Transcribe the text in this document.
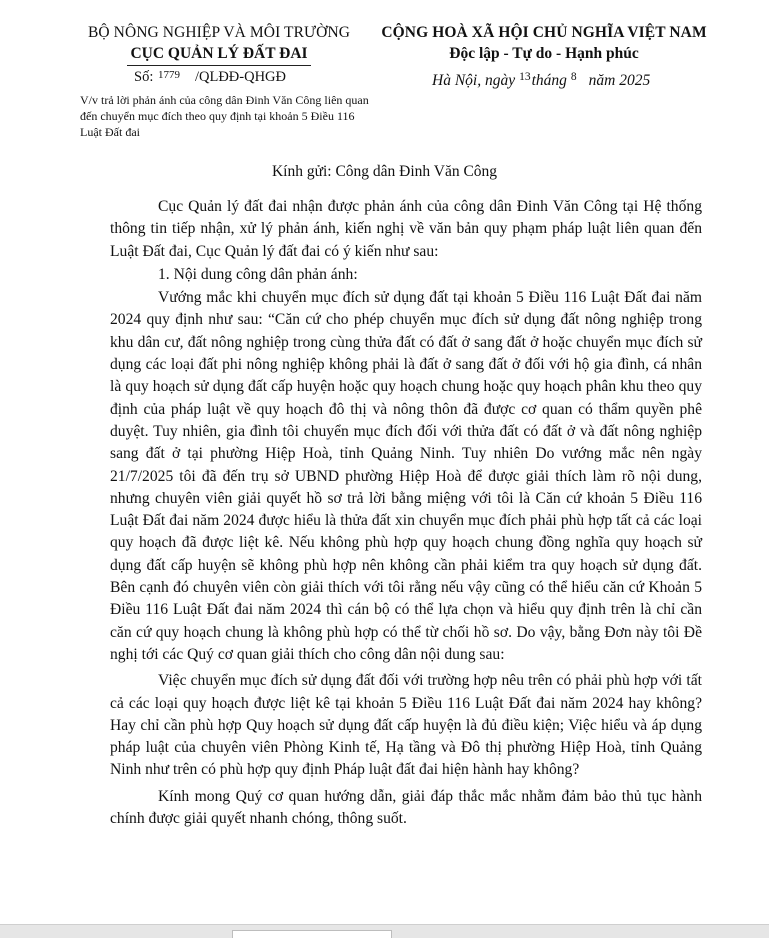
BỘ NÔNG NGHIỆP VÀ MÔI TRƯỜNG
CỤC QUẢN LÝ ĐẤT ĐAI
CỘNG HOÀ XÃ HỘI CHỦ NGHĨA VIỆT NAM
Độc lập - Tự do - Hạnh phúc
Số: $^{1779}$ /QLĐĐ-QHGĐ	Hà Nội, ngày $^{13}$tháng $^8$ năm 2025
V/v trả lời phản ánh của công dân Đinh Văn Công liên quan đến chuyển mục đích theo quy định tại khoản 5 Điều 116 Luật Đất đai
Kính gửi: Công dân Đinh Văn Công

Cục Quản lý đất đai nhận được phản ánh của công dân Đinh Văn Công tại Hệ thống thông tin tiếp nhận, xử lý phản ánh, kiến nghị về văn bản quy phạm pháp luật liên quan đến Luật Đất đai, Cục Quản lý đất đai có ý kiến như sau:

1. Nội dung công dân phản ánh:

Vướng mắc khi chuyển mục đích sử dụng đất tại khoản 5 Điều 116 Luật Đất đai năm 2024 quy định như sau: “Căn cứ cho phép chuyển mục đích sử dụng đất nông nghiệp trong khu dân cư, đất nông nghiệp trong cùng thửa đất có đất ở sang đất ở hoặc chuyển mục đích sử dụng các loại đất phi nông nghiệp không phải là đất ở sang đất ở đối với hộ gia đình, cá nhân là quy hoạch sử dụng đất cấp huyện hoặc quy hoạch chung hoặc quy hoạch phân khu theo quy định của pháp luật về quy hoạch đô thị và nông thôn đã được cơ quan có thẩm quyền phê duyệt. Tuy nhiên, gia đình tôi chuyển mục đích đối với thửa đất có đất ở và đất nông nghiệp sang đất ở tại phường Hiệp Hoà, tỉnh Quảng Ninh. Tuy nhiên Do vướng mắc nên ngày 21/7/2025 tôi đã đến trụ sở UBND phường Hiệp Hoà để được giải thích làm rõ nội dung, nhưng chuyên viên giải quyết hồ sơ trả lời bằng miệng với tôi là Căn cứ khoản 5 Điều 116 Luật Đất đai năm 2024 được hiểu là thửa đất xin chuyển mục đích phải phù hợp tất cả các loại quy hoạch đã được liệt kê. Nếu không phù hợp quy hoạch chung đồng nghĩa quy hoạch sử dụng đất cấp huyện sẽ không phù hợp nên không cần phải kiểm tra quy hoạch sử dụng đất. Bên cạnh đó chuyên viên còn giải thích với tôi rằng nếu vậy cũng có thể hiểu căn cứ Khoản 5 Điều 116 Luật Đất đai năm 2024 thì cán bộ có thể lựa chọn và hiểu quy định trên là chỉ cần căn cứ quy hoạch chung là không phù hợp có thể từ chối hồ sơ. Do vậy, bằng Đơn này tôi Đề nghị tới các Quý cơ quan giải thích cho công dân nội dung sau:

Việc chuyển mục đích sử dụng đất đối với trường hợp nêu trên có phải phù hợp với tất cả các loại quy hoạch được liệt kê tại khoản 5 Điều 116 Luật Đất đai năm 2024 hay không? Hay chỉ cần phù hợp Quy hoạch sử dụng đất cấp huyện là đủ điều kiện; Việc hiểu và áp dụng pháp luật của chuyên viên Phòng Kinh tế, Hạ tầng và Đô thị phường Hiệp Hoà, tỉnh Quảng Ninh như trên có phù hợp quy định Pháp luật đất đai hiện hành hay không?

Kính mong Quý cơ quan hướng dẫn, giải đáp thắc mắc nhằm đảm bảo thủ tục hành chính được giải quyết nhanh chóng, thông suốt.
